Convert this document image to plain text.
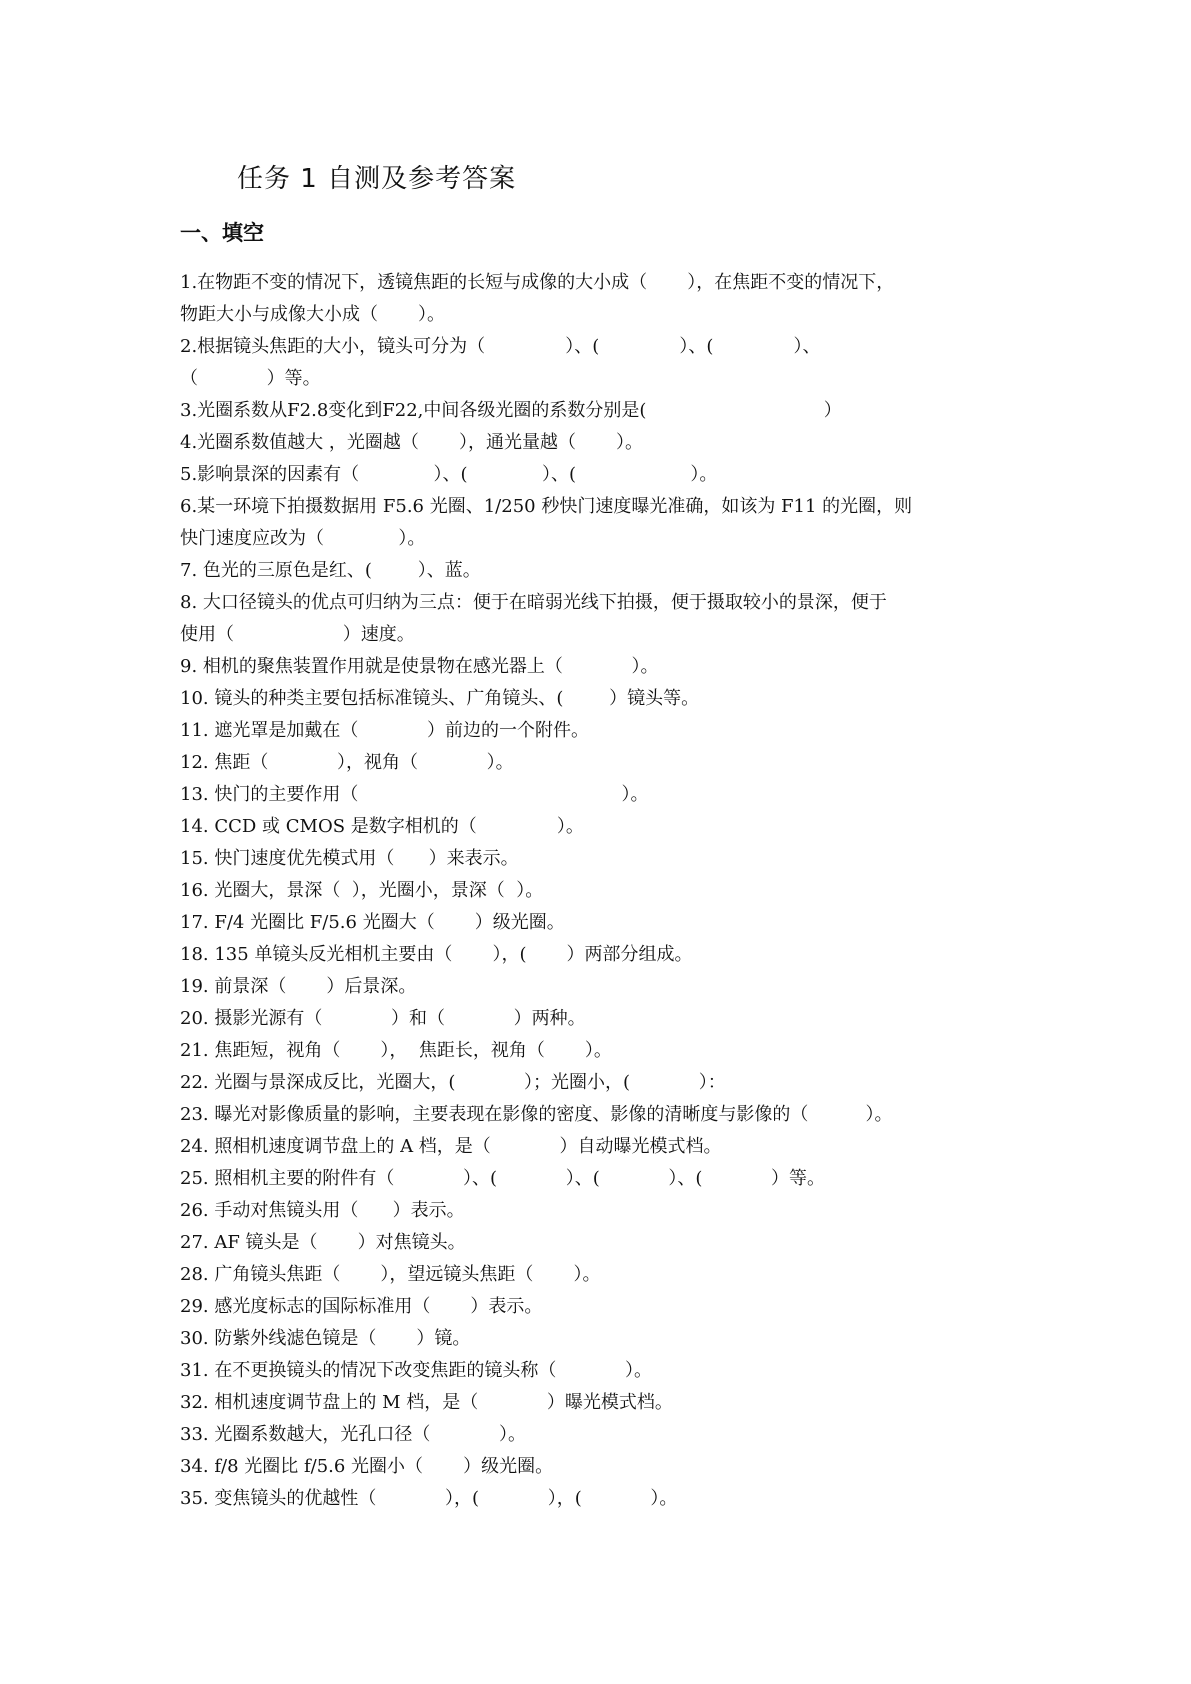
任务 1 自测及参考答案
一、填空
1.在物距不变的情况下，透镜焦距的长短与成像的大小成（       ），在焦距不变的情况下，
物距大小与成像大小成（       ）。
2.根据镜头焦距的大小，镜头可分为（              ）、(              ）、(              ）、
（            ）等。
3.光圈系数从F2.8变化到F22,中间各级光圈的系数分别是(                               ）
4.光圈系数值越大 ，光圈越（       ），通光量越（       ）。
5.影响景深的因素有（             ）、(             ）、(                    ）。
6.某一环境下拍摄数据用 F5.6 光圈、1/250 秒快门速度曝光准确，如该为 F11 的光圈，则
快门速度应改为（             ）。
7. 色光的三原色是红、(        ）、蓝。
8. 大口径镜头的优点可归纳为三点：便于在暗弱光线下拍摄，便于摄取较小的景深，便于
使用（                   ）速度。
9. 相机的聚焦装置作用就是使景物在感光器上（            ）。
10. 镜头的种类主要包括标准镜头、广角镜头、(        ）镜头等。
11. 遮光罩是加戴在（            ）前边的一个附件。
12. 焦距（            ），视角（            ）。
13. 快门的主要作用（                                              ）。
14. CCD 或 CMOS 是数字相机的（              ）。
15. 快门速度优先模式用（      ）来表示。
16. 光圈大，景深（  ），光圈小，景深（  ）。
17. F/4 光圈比 F/5.6 光圈大（       ）级光圈。
18. 135 单镜头反光相机主要由（       ），(       ）两部分组成。
19. 前景深（       ）后景深。
20. 摄影光源有（            ）和（            ）两种。
21. 焦距短，视角（       ），  焦距长，视角（       ）。
22. 光圈与景深成反比，光圈大，(            ）；光圈小，(            ）：
23. 曝光对影像质量的影响，主要表现在影像的密度、影像的清晰度与影像的（          ）。
24. 照相机速度调节盘上的 A 档，是（            ）自动曝光模式档。
25. 照相机主要的附件有（            ）、(            ）、(            ）、(            ）等。
26. 手动对焦镜头用（      ）表示。
27. AF 镜头是（       ）对焦镜头。
28. 广角镜头焦距（       ），望远镜头焦距（       ）。
29. 感光度标志的国际标准用（       ）表示。
30. 防紫外线滤色镜是（       ）镜。
31. 在不更换镜头的情况下改变焦距的镜头称（            ）。
32. 相机速度调节盘上的 M 档，是（            ）曝光模式档。
33. 光圈系数越大，光孔口径（            ）。
34. f/8 光圈比 f/5.6 光圈小（       ）级光圈。
35. 变焦镜头的优越性（            ），(            ），(            ）。
